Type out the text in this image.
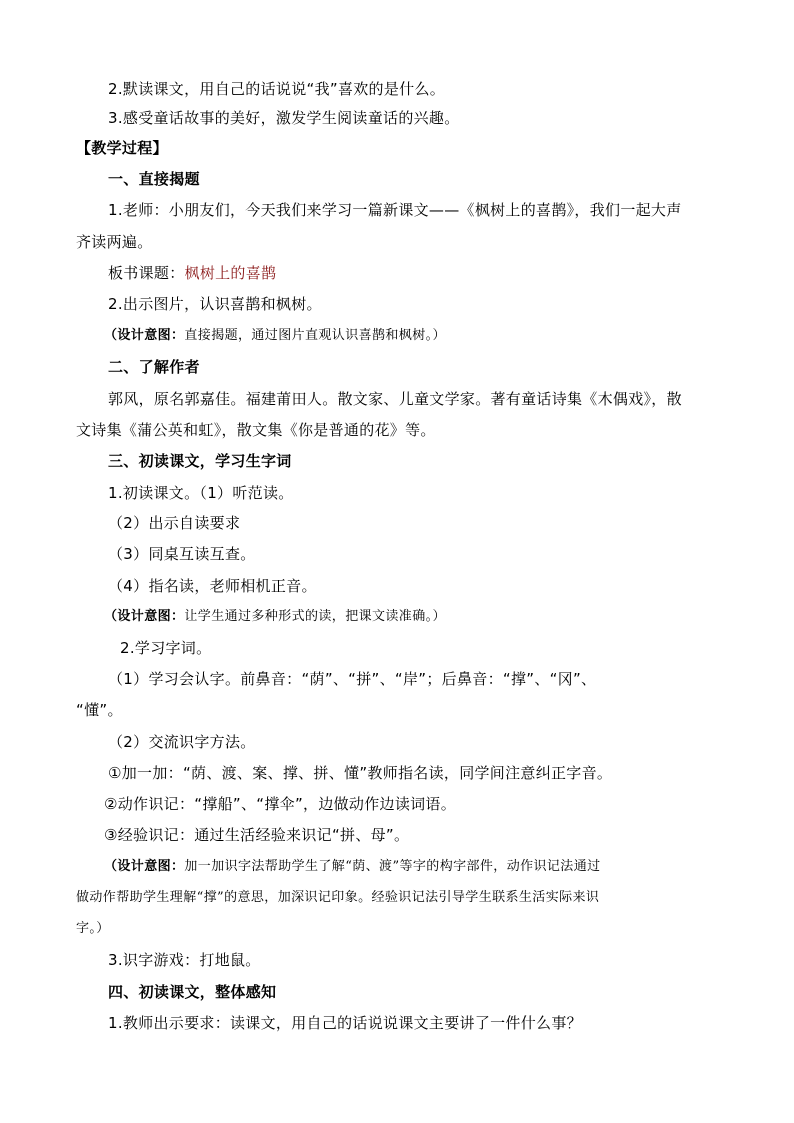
2.默读课文，用自己的话说说“我”喜欢的是什么。
3.感受童话故事的美好，激发学生阅读童话的兴趣。
【教学过程】
一、直接揭题
1.老师：小朋友们，今天我们来学习一篇新课文——《枫树上的喜鹊》，我们一起大声
齐读两遍。
板书课题：枫树上的喜鹊
2.出示图片，认识喜鹊和枫树。
（设计意图：直接揭题，通过图片直观认识喜鹊和枫树。）
二、了解作者
郭风，原名郭嘉佳。福建莆田人。散文家、儿童文学家。著有童话诗集《木偶戏》，散
文诗集《蒲公英和虹》，散文集《你是普通的花》等。
三、初读课文，学习生字词
1.初读课文。（1）听范读。
（2）出示自读要求
（3）同桌互读互查。
（4）指名读，老师相机正音。
（设计意图：让学生通过多种形式的读，把课文读准确。）
2.学习字词。
（1）学习会认字。前鼻音：“荫”、“拼”、“岸”；后鼻音：“撑”、“冈”、
“懂”。
（2）交流识字方法。
①加一加：“荫、渡、案、撑、拼、懂”教师指名读，同学间注意纠正字音。
②动作识记：“撑船”、“撑伞”，边做动作边读词语。
③经验识记：通过生活经验来识记“拼、母”。
（设计意图：加一加识字法帮助学生了解“荫、渡”等字的构字部件，动作识记法通过
做动作帮助学生理解“撑”的意思，加深识记印象。经验识记法引导学生联系生活实际来识
字。）
3.识字游戏：打地鼠。
四、初读课文，整体感知
1.教师出示要求：读课文，用自己的话说说课文主要讲了一件什么事？
